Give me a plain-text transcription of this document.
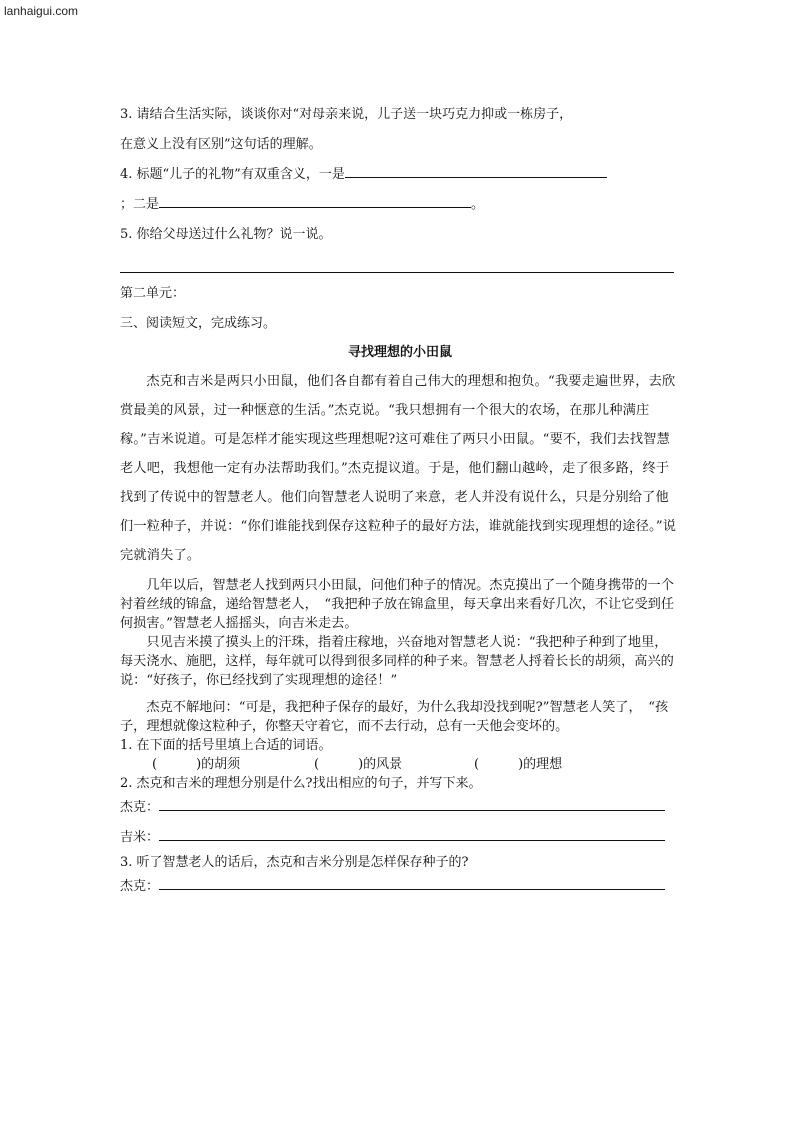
lanhaigui.com
3. 请结合生活实际，谈谈你对“对母亲来说，儿子送一块巧克力抑或一栋房子，
在意义上没有区别”这句话的理解。
4. 标题“儿子的礼物”有双重含义，一是
；二是	。
5. 你给父母送过什么礼物？说一说。
第二单元：
三、阅读短文，完成练习。
寻找理想的小田鼠
杰克和吉米是两只小田鼠，他们各自都有着自己伟大的理想和抱负。“我要走遍世界，去欣赏最美的风景，过一种惬意的生活。”杰克说。“我只想拥有一个很大的农场，在那儿种满庄稼。”吉米说道。可是怎样才能实现这些理想呢?这可难住了两只小田鼠。“要不，我们去找智慧老人吧，我想他一定有办法帮助我们。”杰克提议道。于是，他们翻山越岭，走了很多路，终于找到了传说中的智慧老人。他们向智慧老人说明了来意，老人并没有说什么，只是分别给了他们一粒种子，并说：“你们谁能找到保存这粒种子的最好方法，谁就能找到实现理想的途径。”说完就消失了。
几年以后，智慧老人找到两只小田鼠，问他们种子的情况。杰克摸出了一个随身携带的一个衬着丝绒的锦盒，递给智慧老人，　“我把种子放在锦盒里，每天拿出来看好几次，不让它受到任何损害。”智慧老人摇摇头，向吉米走去。
只见吉米摸了摸头上的汗珠，指着庄稼地，兴奋地对智慧老人说：“我把种子种到了地里，　每天浇水、施肥，这样，每年就可以得到很多同样的种子来。智慧老人捋着长长的胡须，高兴的说：“好孩子，你已经找到了实现理想的途径！”
杰克不解地问：“可是，我把种子保存的最好，为什么我却没找到呢?”智慧老人笑了，　“孩子，理想就像这粒种子，你整天守着它，而不去行动，总有一天他会变坏的。
1. 在下面的括号里填上合适的词语。
(　　　)的胡须	(　　　)的风景	(　　　)的理想
2. 杰克和吉米的理想分别是什么?找出相应的句子，并写下来。
杰克：
吉米：
3. 听了智慧老人的话后，杰克和吉米分别是怎样保存种子的?
杰克：
